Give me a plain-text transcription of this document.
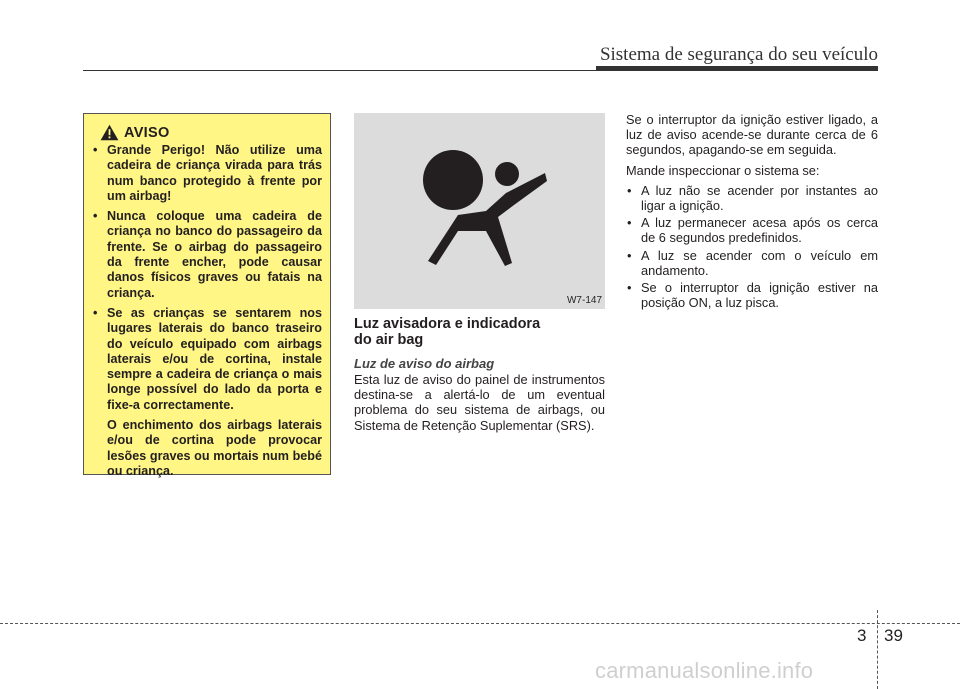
Sistema de segurança do seu veículo
AVISO
• Grande Perigo! Não utilize uma cadeira de criança virada para trás num banco protegido à frente por um airbag!
• Nunca coloque uma cadeira de criança no banco do passageiro da frente. Se o airbag do passageiro da frente encher, pode causar danos físicos graves ou fatais na criança.
• Se as crianças se sentarem nos lugares laterais do banco traseiro do veículo equipado com airbags laterais e/ou de cortina, instale sempre a cadeira de criança o mais longe possível do lado da porta e fixe-a correctamente.
O enchimento dos airbags laterais e/ou de cortina pode provocar lesões graves ou mortais num bebé ou criança.
W7-147
Luz avisadora e indicadora
do air bag
Luz de aviso do airbag

Esta luz de aviso do painel de instrumentos destina-se a alertá-lo de um eventual problema do seu sistema de airbags, ou Sistema de Retenção Suplementar (SRS).

Se o interruptor da ignição estiver ligado, a luz de aviso acende-se durante cerca de 6 segundos, apagando-se em seguida.

Mande inspeccionar o sistema se:

• A luz não se acender por instantes ao ligar a ignição.
• A luz permanecer acesa após os cerca de 6 segundos predefinidos.
• A luz se acender com o veículo em andamento.
• Se o interruptor da ignição estiver na posição ON, a luz pisca.
3 39
carmanualsonline.info
